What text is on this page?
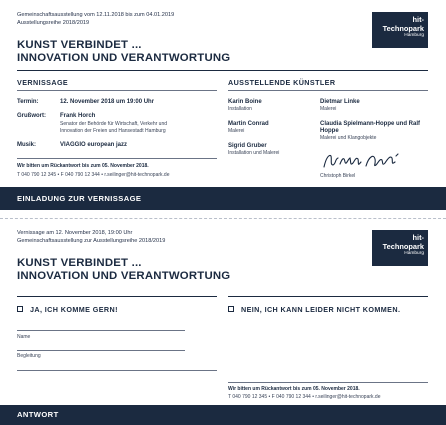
Gemeinschaftsausstellung vom 12.11.2018 bis zum 04.01.2019
Ausstellungsreihe 2018/2019	hit-Technopark
Hamburg
KUNST VERBINDET ...
INNOVATION UND VERANTWORTUNG
VERNISSAGE
Termin:	12. November 2018 um 19:00 Uhr
Grußwort: Frank Horch
Senator der Behörde für Wirtschaft, Verkehr und
Innovation der Freien und Hansestadt Hamburg
Musik:	VIAGGIO european jazz
Wir bitten um Rückantwort bis zum 05. November 2018.
T 040 790 12 345 • F 040 790 12 344 • r.seilinger@hit-technopark.de
AUSSTELLENDE KÜNSTLER
Karin Boine
Installation
Dietmar Linke
Malerei
Martin Conrad
Malerei
Claudia Spielmann-Hoppe und Ralf Hoppe
Malerei und Klangobjekte
Sigrid Gruber
Installation und Malerei
Christoph Birkel
EINLADUNG ZUR VERNISSAGE
Vernissage am 12. November 2018, 19:00 Uhr
Gemeinschaftsausstellung zur Ausstellungsreihe 2018/2019	hit-Technopark
Hamburg
KUNST VERBINDET ...
INNOVATION UND VERANTWORTUNG
JA, ICH KOMME GERN!	NEIN, ICH KANN LEIDER NICHT KOMMEN.
Name
Begleitung
Wir bitten um Rückantwort bis zum 05. November 2018.
T 040 790 12 345 • F 040 790 12 344 • r.seilinger@hit-technopark.de
ANTWORT
